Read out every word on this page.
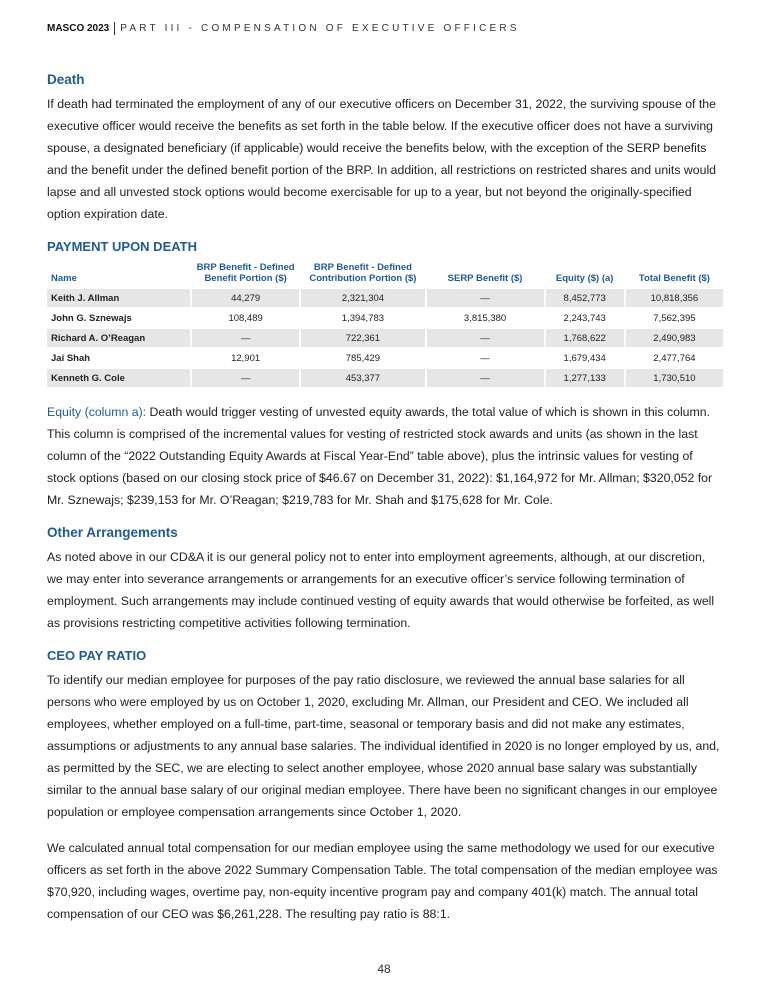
MASCO 2023 PART III - COMPENSATION OF EXECUTIVE OFFICERS
Death

If death had terminated the employment of any of our executive officers on December 31, 2022, the surviving spouse of the executive officer would receive the benefits as set forth in the table below. If the executive officer does not have a surviving spouse, a designated beneficiary (if applicable) would receive the benefits below, with the exception of the SERP benefits and the benefit under the defined benefit portion of the BRP. In addition, all restrictions on restricted shares and units would lapse and all unvested stock options would become exercisable for up to a year, but not beyond the originally-specified option expiration date.

PAYMENT UPON DEATH
Name	BRP Benefit - Defined Benefit Portion ($)	BRP Benefit - Defined Contribution Portion ($)	SERP Benefit ($)	Equity ($) (a)	Total Benefit ($)
Keith J. Allman	44,279	2,321,304	—	8,452,773	10,818,356
John G. Sznewajs	108,489	1,394,783	3,815,380	2,243,743	7,562,395
Richard A. O’Reagan	—	722,361	—	1,768,622	2,490,983
Jai Shah	12,901	785,429	—	1,679,434	2,477,764
Kenneth G. Cole	—	453,377	—	1,277,133	1,730,510

Equity (column a): Death would trigger vesting of unvested equity awards, the total value of which is shown in this column. This column is comprised of the incremental values for vesting of restricted stock awards and units (as shown in the last column of the “2022 Outstanding Equity Awards at Fiscal Year-End” table above), plus the intrinsic values for vesting of stock options (based on our closing stock price of $46.67 on December 31, 2022): $1,164,972 for Mr. Allman; $320,052 for Mr. Sznewajs; $239,153 for Mr. O’Reagan; $219,783 for Mr. Shah and $175,628 for Mr. Cole.

Other Arrangements

As noted above in our CD&A it is our general policy not to enter into employment agreements, although, at our discretion, we may enter into severance arrangements or arrangements for an executive officer’s service following termination of employment. Such arrangements may include continued vesting of equity awards that would otherwise be forfeited, as well as provisions restricting competitive activities following termination.

CEO PAY RATIO

To identify our median employee for purposes of the pay ratio disclosure, we reviewed the annual base salaries for all persons who were employed by us on October 1, 2020, excluding Mr. Allman, our President and CEO. We included all employees, whether employed on a full-time, part-time, seasonal or temporary basis and did not make any estimates, assumptions or adjustments to any annual base salaries. The individual identified in 2020 is no longer employed by us, and, as permitted by the SEC, we are electing to select another employee, whose 2020 annual base salary was substantially similar to the annual base salary of our original median employee. There have been no significant changes in our employee population or employee compensation arrangements since October 1, 2020.

We calculated annual total compensation for our median employee using the same methodology we used for our executive officers as set forth in the above 2022 Summary Compensation Table. The total compensation of the median employee was $70,920, including wages, overtime pay, non-equity incentive program pay and company 401(k) match. The annual total compensation of our CEO was $6,261,228. The resulting pay ratio is 88:1.

48
